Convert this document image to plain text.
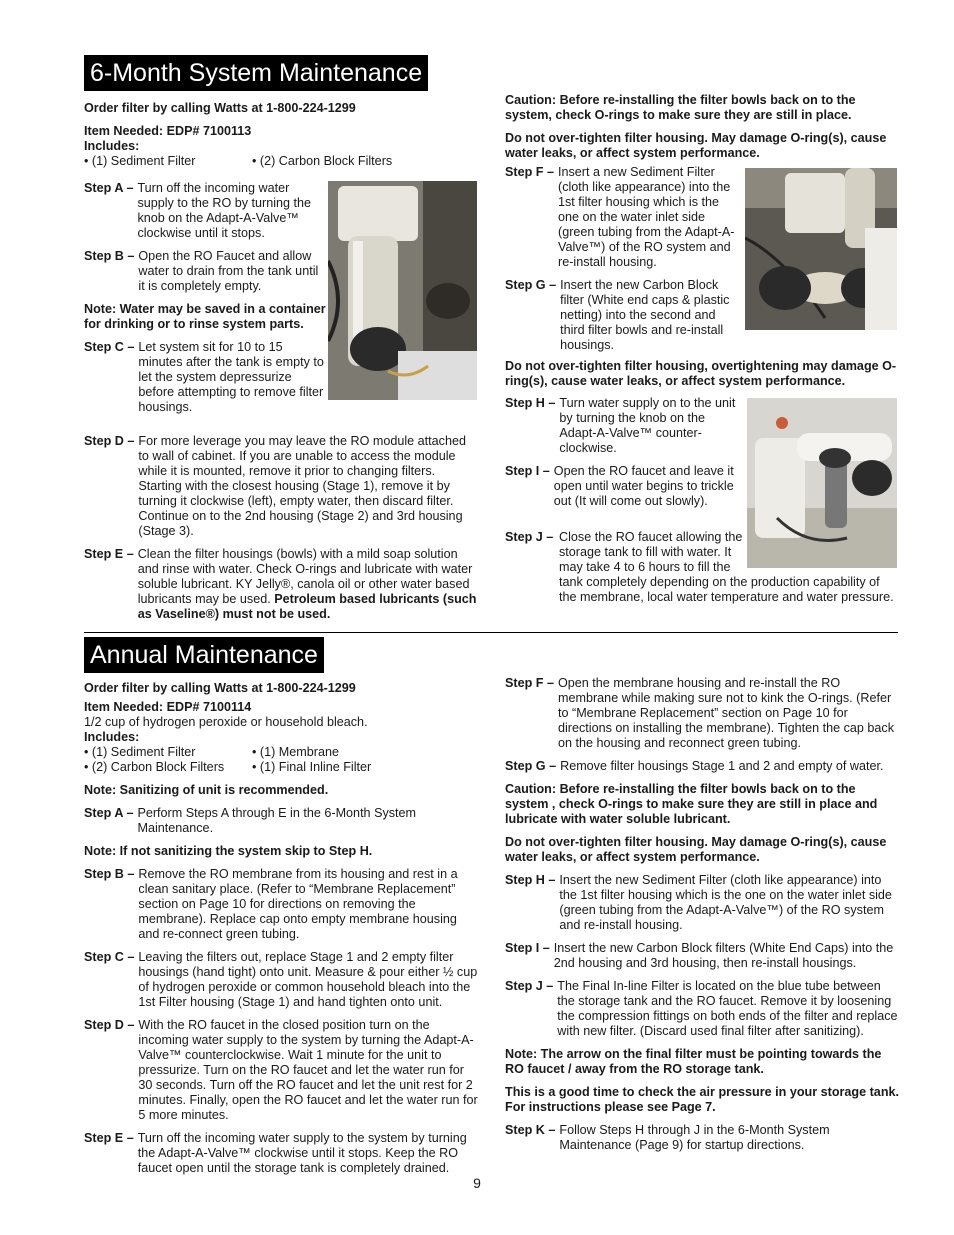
6-Month System Maintenance

Order filter by calling Watts at 1-800-224-1299

Item Needed: EDP# 7100113

Includes:

• (1) Sediment Filter	• (2) Carbon Block Filters
Step A – Turn off the incoming water supply to the RO by turning the knob on the Adapt-A-Valve™ clockwise until it stops.
Step B – Open the RO Faucet and allow water to drain from the tank until it is completely empty.

Note: Water may be saved in a container for drinking or to rinse system parts.

Step C – Let system sit for 10 to 15 minutes after the tank is empty to let the system depressurize before attempting to remove filter housings.
Step D – For more leverage you may leave the RO module attached to wall of cabinet. If you are unable to access the module while it is mounted, remove it prior to changing filters. Starting with the closest housing (Stage 1), remove it by turning it clockwise (left), empty water, then discard filter. Continue on to the 2nd housing (Stage 2) and 3rd housing (Stage 3).
Step E – Clean the filter housings (bowls) with a mild soap solution and rinse with water. Check O-rings and lubricate with water soluble lubricant. KY Jelly®, canola oil or other water based lubricants may be used. Petroleum based lubricants (such as Vaseline®) must not be used.

Caution: Before re-installing the filter bowls back on to the system, check O-rings to make sure they are still in place.

Do not over-tighten filter housing. May damage O-ring(s), cause water leaks, or affect system performance.

Step F – Insert a new Sediment Filter (cloth like appearance) into the 1st filter housing which is the one on the water inlet side (green tubing from the Adapt-A-Valve™) of the RO system and re-install housing.
Step G – Insert the new Carbon Block filter (White end caps & plastic netting) into the second and third filter bowls and re-install housings.

Do not over-tighten filter housing, overtightening may damage O-ring(s), cause water leaks, or affect system performance.

Step H – Turn water supply on to the unit by turning the knob on the Adapt-A-Valve™ counter-clockwise.
Step I – Open the RO faucet and leave it open until water begins to trickle out (It will come out slowly).
Step J – Close the RO faucet allowing the storage tank to fill with water. It may take 4 to 6 hours to fill the tank completely depending on the production capability of the membrane, local water temperature and water pressure.
Annual Maintenance

Order filter by calling Watts at 1-800-224-1299

Item Needed: EDP# 7100114

1/2 cup of hydrogen peroxide or household bleach.

Includes:

• (1) Sediment Filter	• (1) Membrane
• (2) Carbon Block Filters	• (1) Final Inline Filter

Note: Sanitizing of unit is recommended.

Step A – Perform Steps A through E in the 6-Month System Maintenance.

Note: If not sanitizing the system skip to Step H.

Step B – Remove the RO membrane from its housing and rest in a clean sanitary place. (Refer to “Membrane Replacement” section on Page 10 for directions on removing the membrane). Replace cap onto empty membrane housing and re-connect green tubing.
Step C – Leaving the filters out, replace Stage 1 and 2 empty filter housings (hand tight) onto unit. Measure & pour either ½ cup of hydrogen peroxide or common household bleach into the 1st Filter housing (Stage 1) and hand tighten onto unit.
Step D – With the RO faucet in the closed position turn on the incoming water supply to the system by turning the Adapt-A-Valve™ counterclockwise. Wait 1 minute for the unit to pressurize. Turn on the RO faucet and let the water run for 30 seconds. Turn off the RO faucet and let the unit rest for 2 minutes. Finally, open the RO faucet and let the water run for 5 more minutes.
Step E – Turn off the incoming water supply to the system by turning the Adapt-A-Valve™ clockwise until it stops. Keep the RO faucet open until the storage tank is completely drained.
Step F – Open the membrane housing and re-install the RO membrane while making sure not to kink the O-rings. (Refer to “Membrane Replacement” section on Page 10 for directions on installing the membrane). Tighten the cap back on the housing and reconnect green tubing.
Step G – Remove filter housings Stage 1 and 2 and empty of water.

Caution: Before re-installing the filter bowls back on to the system , check O-rings to make sure they are still in place and lubricate with water soluble lubricant.

Do not over-tighten filter housing. May damage O-ring(s), cause water leaks, or affect system performance.

Step H – Insert the new Sediment Filter (cloth like appearance) into the 1st filter housing which is the one on the water inlet side (green tubing from the Adapt-A-Valve™) of the RO system and re-install housing.
Step I – Insert the new Carbon Block filters (White End Caps) into the 2nd housing and 3rd housing, then re-install housings.
Step J – The Final In-line Filter is located on the blue tube between the storage tank and the RO faucet. Remove it by loosening the compression fittings on both ends of the filter and replace with new filter. (Discard used final filter after sanitizing).

Note: The arrow on the final filter must be pointing towards the RO faucet / away from the RO storage tank.

This is a good time to check the air pressure in your storage tank. For instructions please see Page 7.

Step K – Follow Steps H through J in the 6-Month System Maintenance (Page 9) for startup directions.
9
